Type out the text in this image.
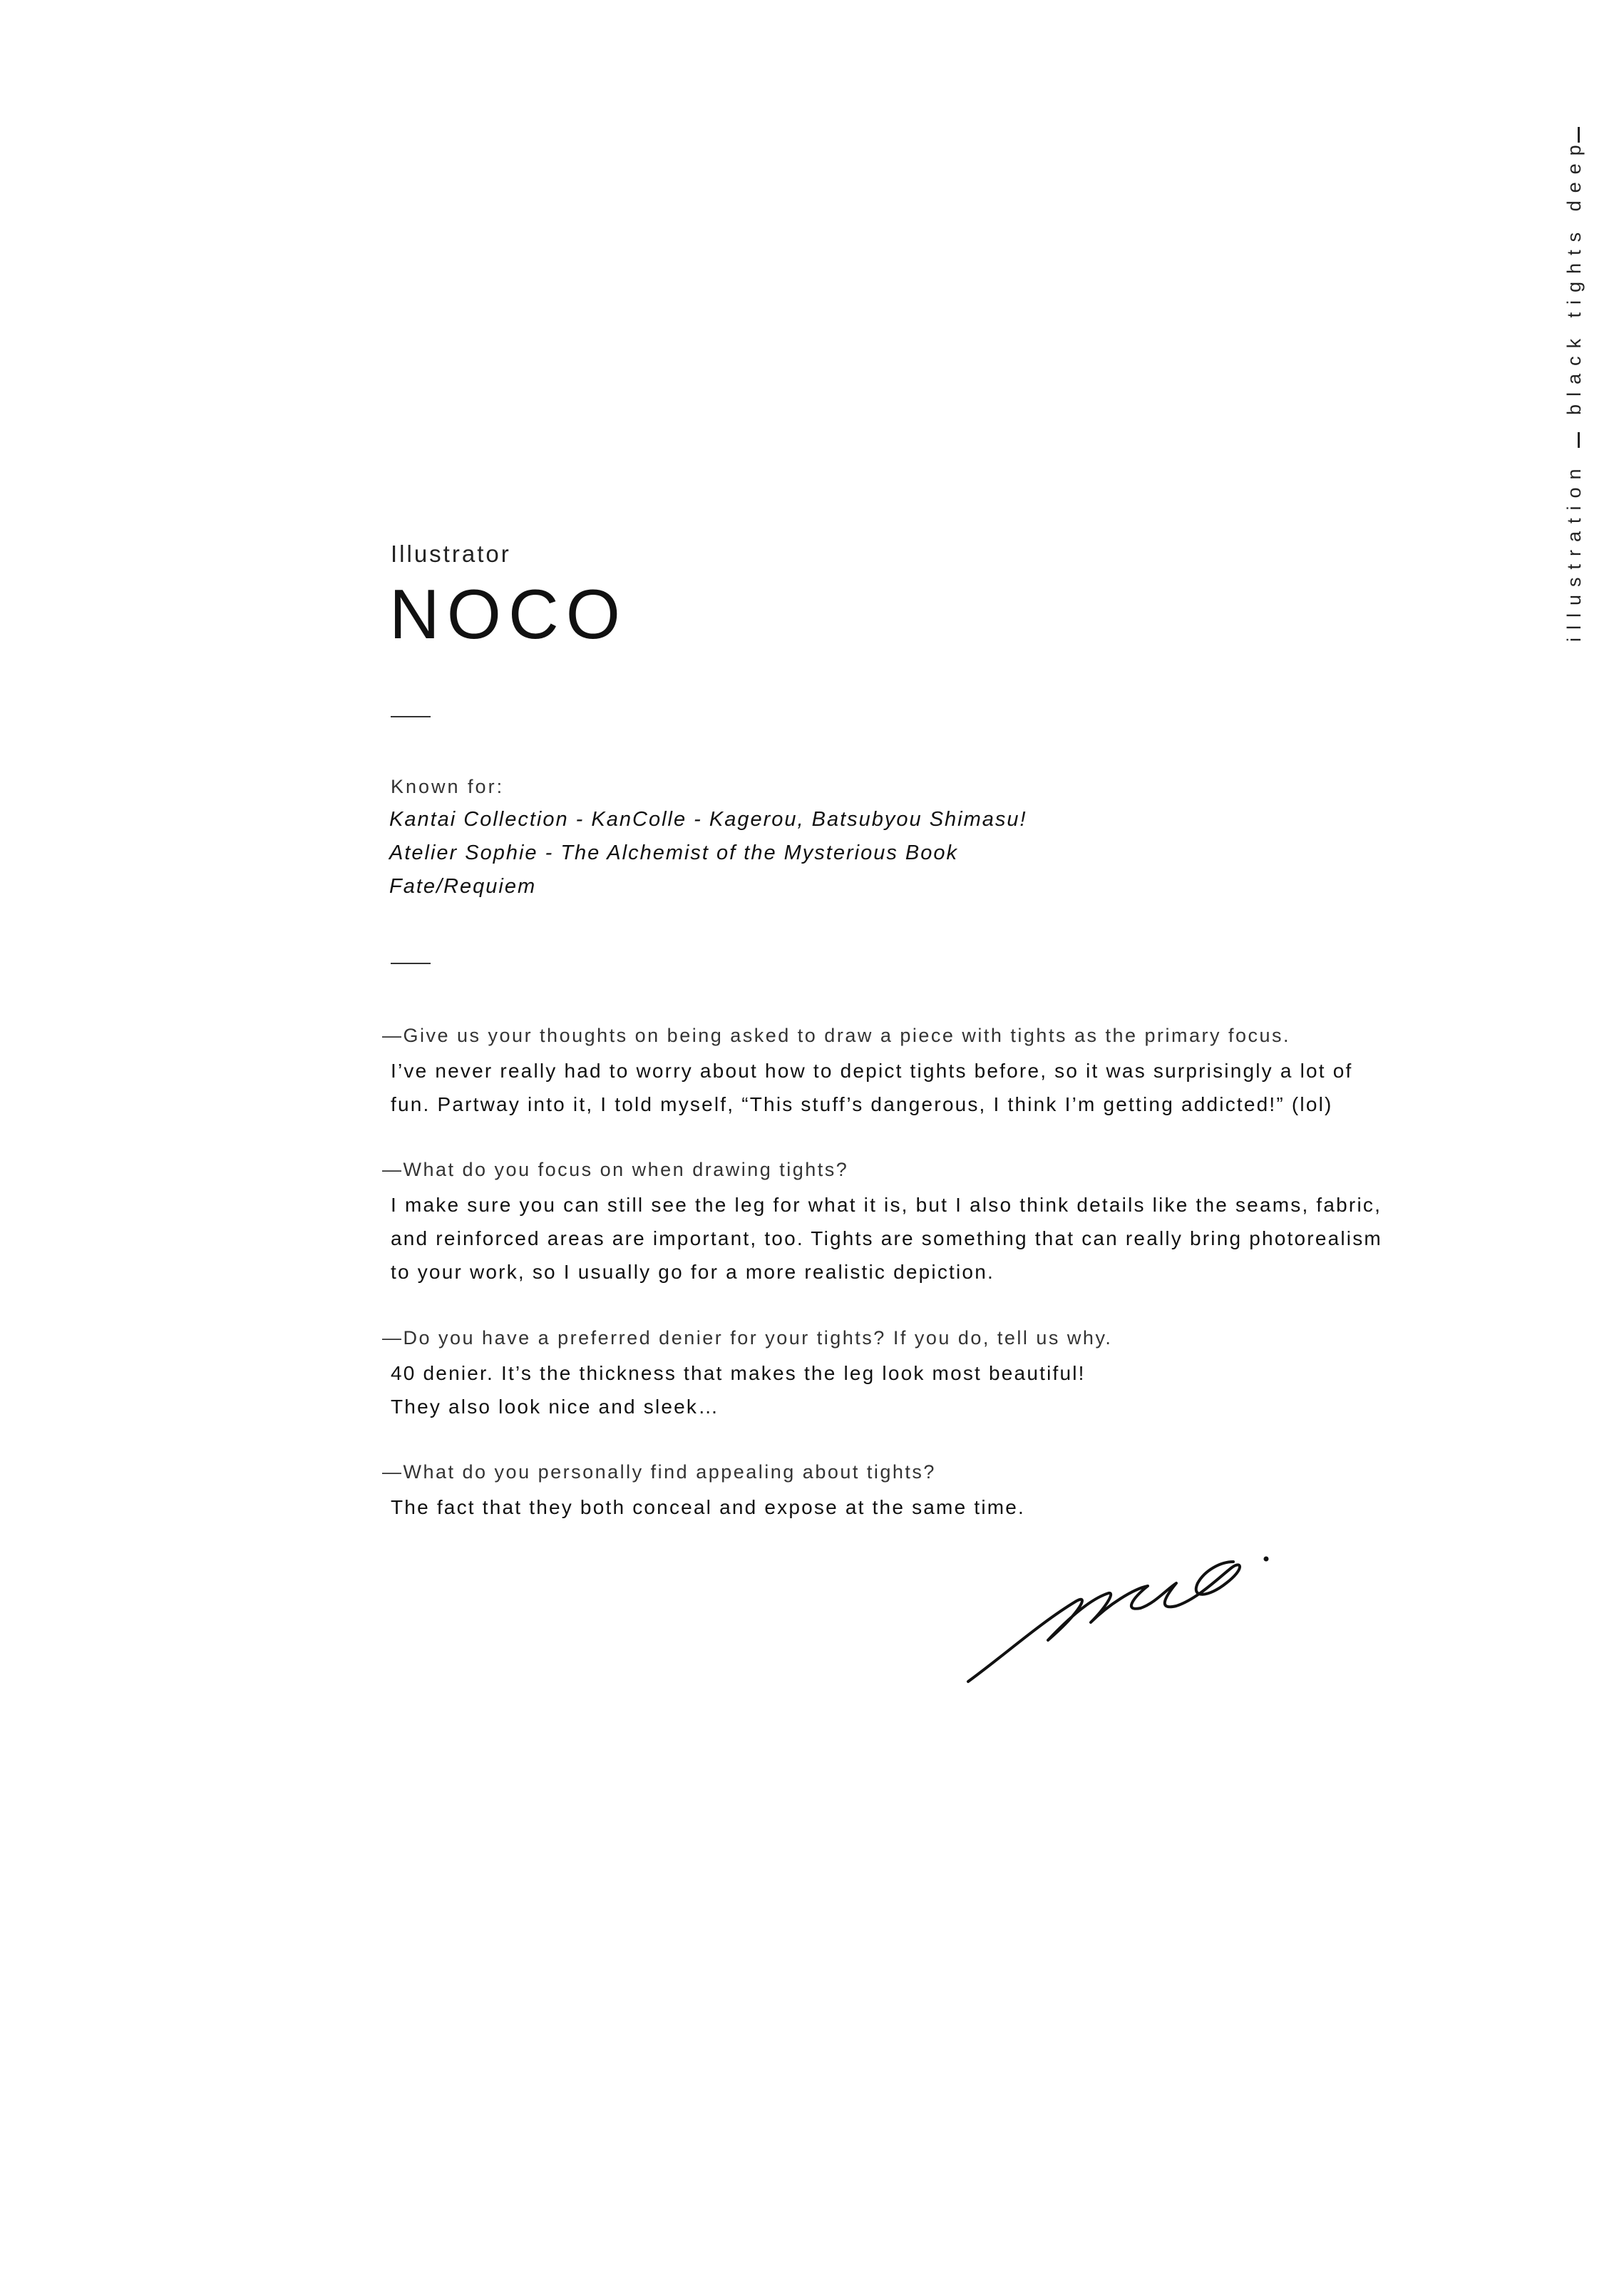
black tights deep
illustration
Illustrator
NOCO
Known for:
Kantai Collection - KanColle - Kagerou, Batsubyou Shimasu!
Atelier Sophie - The Alchemist of the Mysterious Book
Fate/Requiem

—Give us your thoughts on being asked to draw a piece with tights as the primary focus.

I’ve never really had to worry about how to depict tights before, so it was surprisingly a lot of
fun. Partway into it, I told myself, “This stuff’s dangerous, I think I’m getting addicted!” (lol)

—What do you focus on when drawing tights?

I make sure you can still see the leg for what it is, but I also think details like the seams, fabric,
and reinforced areas are important, too. Tights are something that can really bring photorealism
to your work, so I usually go for a more realistic depiction.

—Do you have a preferred denier for your tights? If you do, tell us why.

40 denier. It’s the thickness that makes the leg look most beautiful!
They also look nice and sleek…

—What do you personally find appealing about tights?

The fact that they both conceal and expose at the same time.
